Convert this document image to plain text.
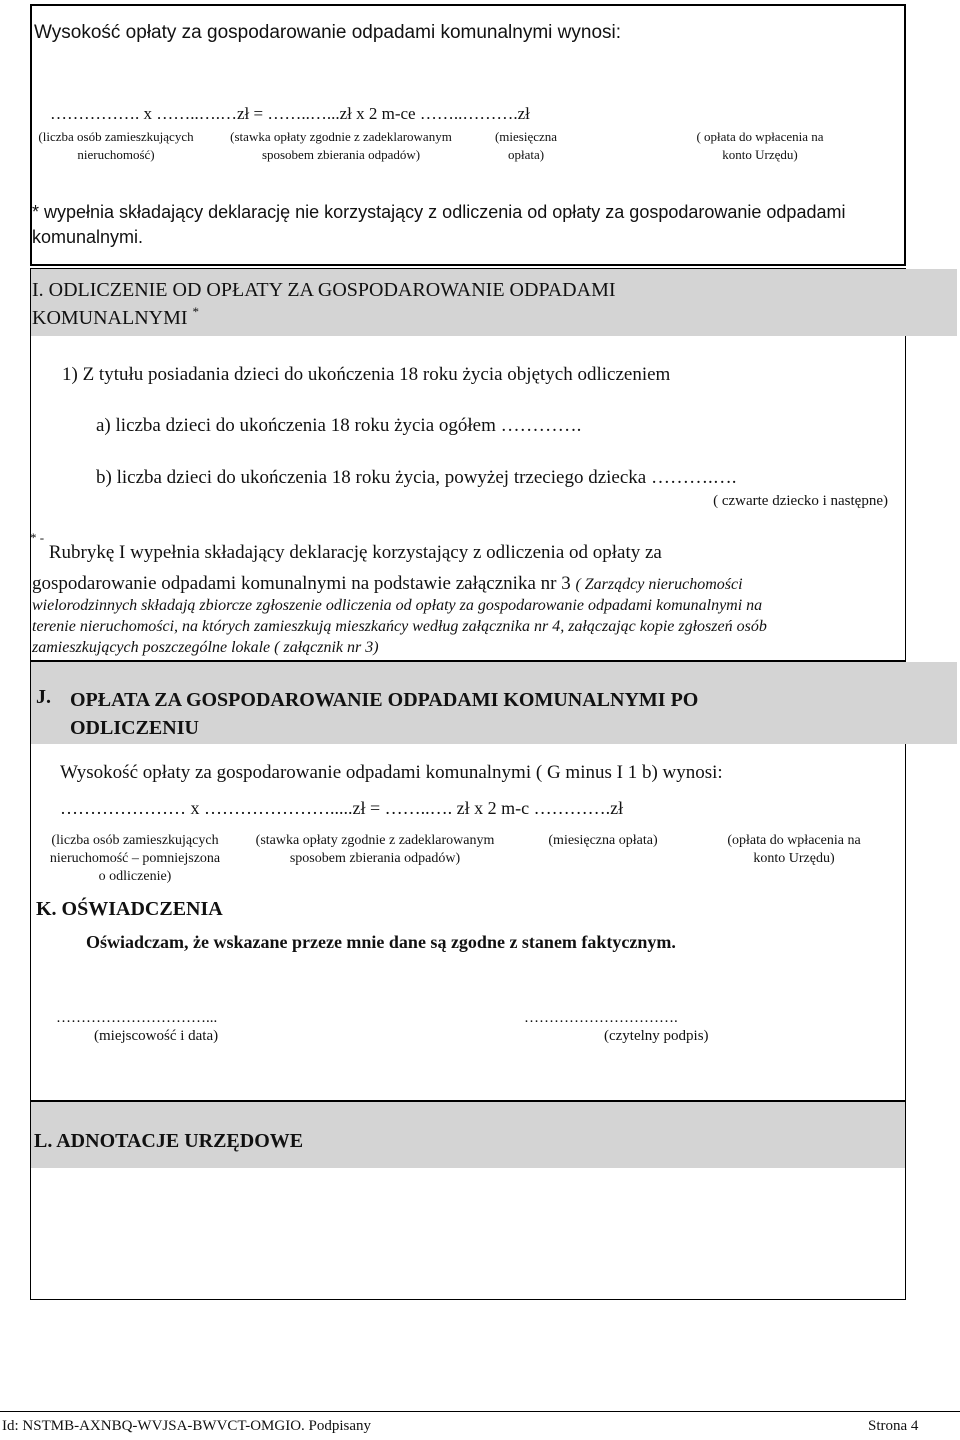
Wysokość opłaty za gospodarowanie odpadami komunalnymi wynosi:
……………. x ……..….…zł = ……..…...zł x 2 m-ce ……..……….zł
(liczba osób zamieszkujących
nieruchomość)
(stawka opłaty zgodnie z zadeklarowanym
sposobem zbierania odpadów)
(miesięczna
opłata)
( opłata do wpłacenia na
konto Urzędu)
* wypełnia składający deklarację nie korzystający z odliczenia od opłaty za gospodarowanie odpadami komunalnymi.
I. ODLICZENIE OD OPŁATY ZA GOSPODAROWANIE ODPADAMI
KOMUNALNYMI *
1) Z tytułu posiadania dzieci do ukończenia 18 roku życia objętych odliczeniem
a) liczba dzieci do ukończenia 18 roku życia ogółem ………….
b) liczba dzieci do ukończenia 18 roku życia, powyżej trzeciego dziecka ……….….
( czwarte dziecko i następne)
* - Rubrykę I wypełnia składający deklarację korzystający z odliczenia od opłaty za
gospodarowanie odpadami komunalnymi na podstawie załącznika nr 3 ( Zarządcy nieruchomości
wielorodzinnych składają zbiorcze zgłoszenie odliczenia od opłaty za gospodarowanie odpadami komunalnymi na
terenie nieruchomości, na których zamieszkują mieszkańcy według załącznika nr 4, załączając kopie zgłoszeń osób
zamieszkujących poszczególne lokale ( załącznik nr 3)
J. OPŁATA ZA GOSPODAROWANIE ODPADAMI KOMUNALNYMI PO
ODLICZENIU
Wysokość opłaty za gospodarowanie odpadami komunalnymi ( G minus I 1 b) wynosi:
………………… x ………………….....zł = ……..…. zł x 2 m-c ………….zł
(liczba osób zamieszkujących
nieruchomość – pomniejszona
o odliczenie)
(stawka opłaty zgodnie z zadeklarowanym
sposobem zbierania odpadów)
(miesięczna opłata)	(opłata do wpłacenia na
konto Urzędu)
K. OŚWIADCZENIA
Oświadczam, że wskazane przeze mnie dane są zgodne z stanem faktycznym.
…………………………...	………………………….
(miejscowość i data)	(czytelny podpis)
L. ADNOTACJE URZĘDOWE
Id: NSTMB-AXNBQ-WVJSA-BWVCT-OMGIO. Podpisany	Strona 4
